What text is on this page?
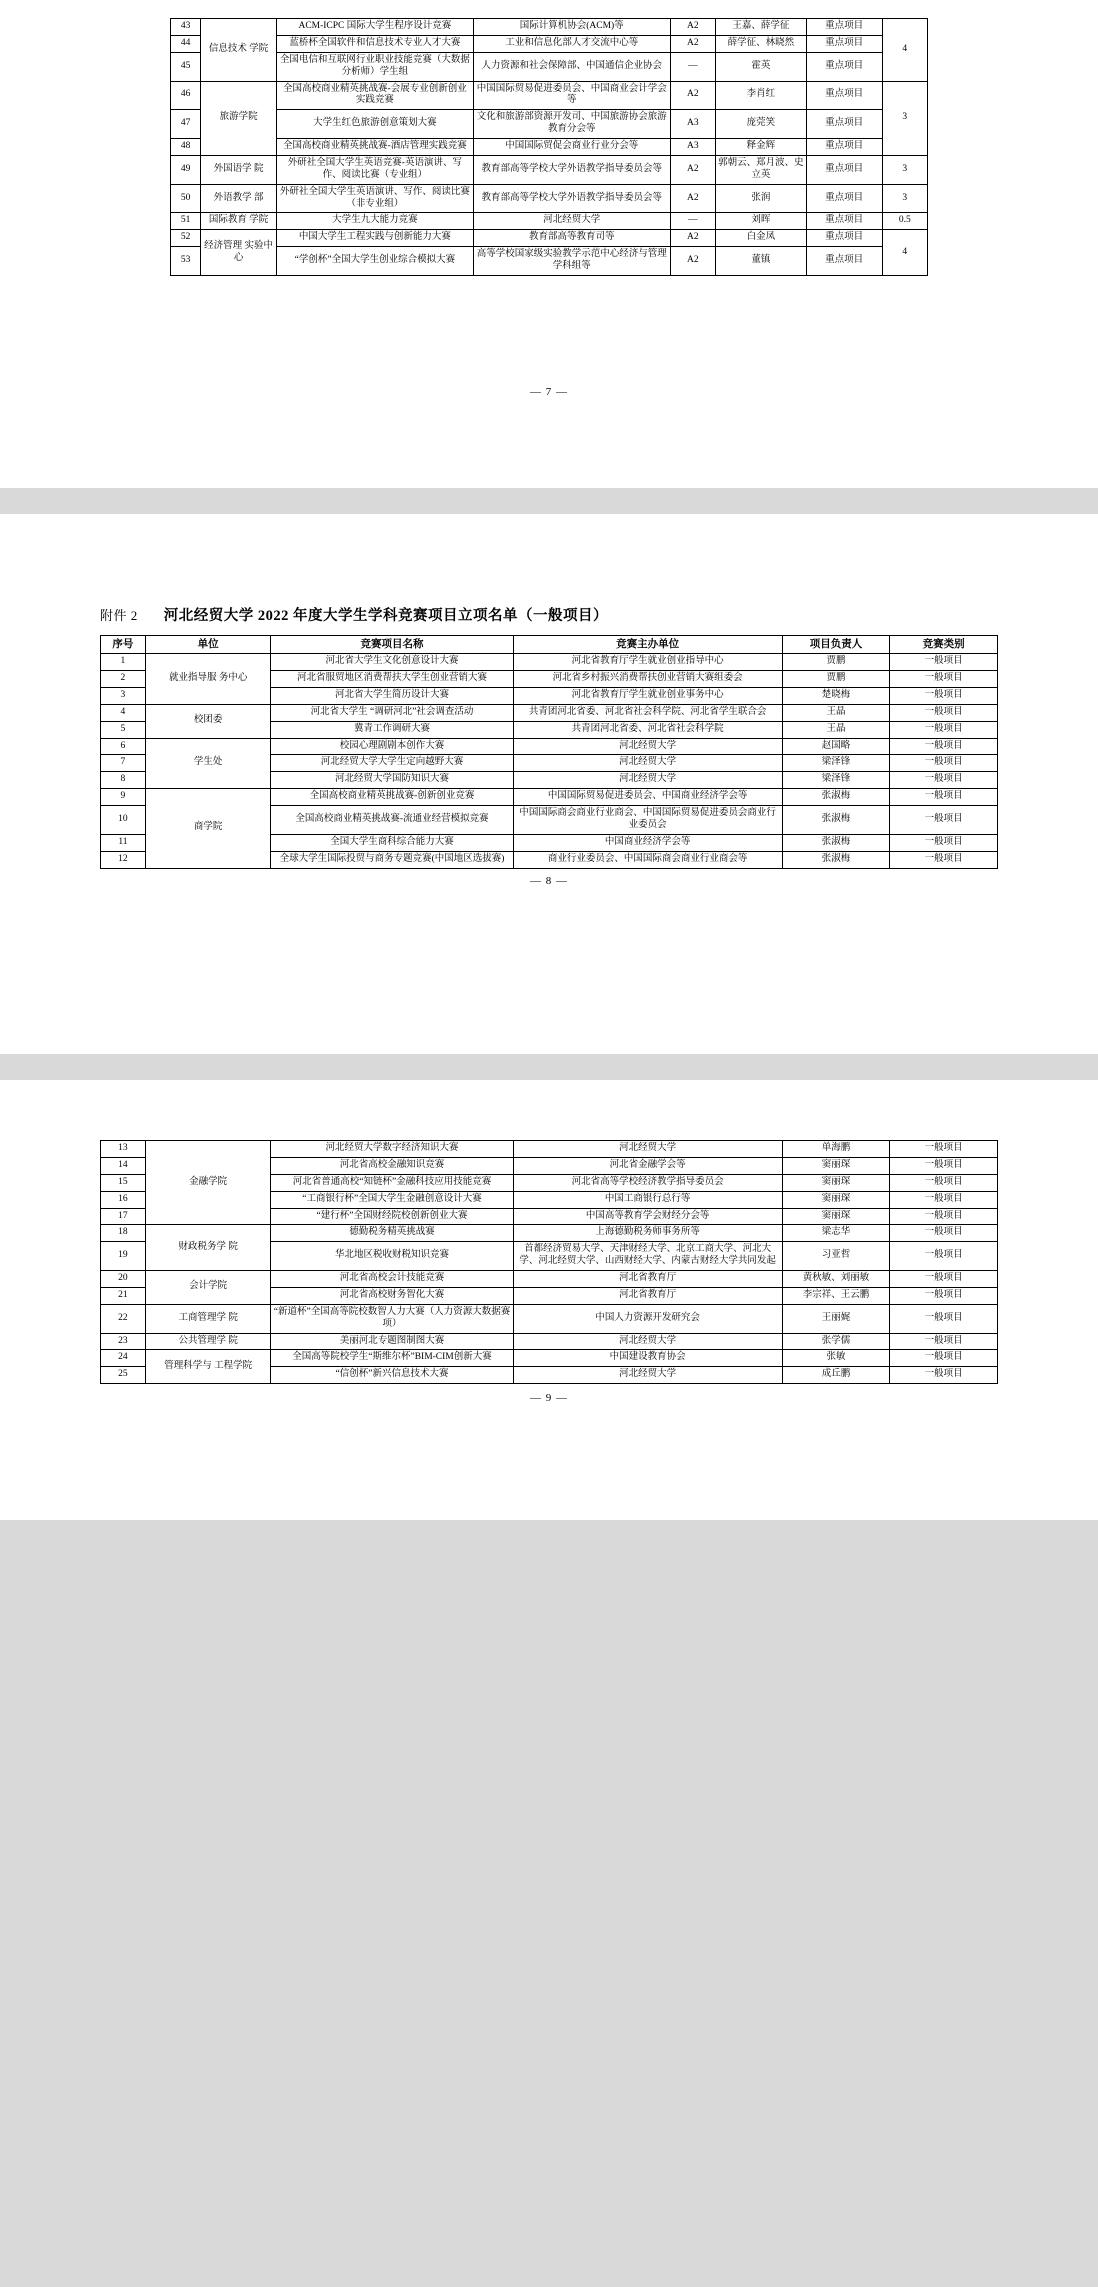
43	信息技术 学院	ACM-ICPC 国际大学生程序设计竞赛	国际计算机协会(ACM)等	A2	王嘉、薛学征	重点项目	4
44		蓝桥杯全国软件和信息技术专业人才大赛	工业和信息化部人才交流中心等	A2	薛学征、林晓然	重点项目	
45		全国电信和互联网行业职业技能竞赛（大数据分析师）学生组	人力资源和社会保障部、中国通信企业协会	—	霍英	重点项目	
46	旅游学院	全国高校商业精英挑战赛-会展专业创新创业实践竞赛	中国国际贸易促进委员会、中国商业会计学会等	A2	李肖红	重点项目	3
47		大学生红色旅游创意策划大赛	文化和旅游部资源开发司、中国旅游协会旅游教育分会等	A3	庞莞笑	重点项目	
48		全国高校商业精英挑战赛-酒店管理实践竞赛	中国国际贸促会商业行业分会等	A3	释金辉	重点项目	
49	外国语学 院	外研社全国大学生英语竞赛-英语演讲、写作、阅读比赛（专业组）	教育部高等学校大学外语教学指导委员会等	A2	郭朝云、郑月波、史立英	重点项目	3
50	外语教学 部	外研社全国大学生英语演讲、写作、阅读比赛（非专业组）	教育部高等学校大学外语教学指导委员会等	A2	张润	重点项目	3
51	国际教育 学院	大学生九大能力竞赛	河北经贸大学	—	刘晖	重点项目	0.5
52	经济管理 实验中心	中国大学生工程实践与创新能力大赛	教育部高等教育司等	A2	白金凤	重点项目	4
53		“学创杯”全国大学生创业综合模拟大赛	高等学校国家级实验教学示范中心经济与管理学科组等	A2	董镇	重点项目	
— 7 —
附件 2 河北经贸大学 2022 年度大学生学科竞赛项目立项名单（一般项目）
序号	单位	竞赛项目名称	竞赛主办单位	项目负责人	竞赛类别
1	就业指导服 务中心	河北省大学生文化创意设计大赛	河北省教育厅学生就业创业指导中心	贾鹏	一般项目
2		河北省服贸地区消费帮扶大学生创业营销大赛	河北省乡村振兴消费帮扶创业营销大赛组委会	贾鹏	一般项目
3		河北省大学生简历设计大赛	河北省教育厅学生就业创业事务中心	楚晓梅	一般项目
4	校团委	河北省大学生 “调研河北”社会调查活动	共青团河北省委、河北省社会科学院、河北省学生联合会	王晶	一般项目
5		冀青工作调研大赛	共青团河北省委、河北省社会科学院	王晶	一般项目
6	学生处	校园心理剧剧本创作大赛	河北经贸大学	赵国略	一般项目
7		河北经贸大学大学生定向越野大赛	河北经贸大学	梁泽锋	一般项目
8		河北经贸大学国防知识大赛	河北经贸大学	梁泽锋	一般项目
9	商学院	全国高校商业精英挑战赛-创新创业竞赛	中国国际贸易促进委员会、中国商业经济学会等	张淑梅	一般项目
10		全国高校商业精英挑战赛-流通业经营模拟竞赛	中国国际商会商业行业商会、中国国际贸易促进委员会商业行业委员会	张淑梅	一般项目
11		全国大学生商科综合能力大赛	中国商业经济学会等	张淑梅	一般项目
12		全球大学生国际投贸与商务专题竞赛(中国地区选拔赛)	商业行业委员会、中国国际商会商业行业商会等	张淑梅	一般项目
— 8 —
13	金融学院	河北经贸大学数字经济知识大赛	河北经贸大学	单海鹏	一般项目
14		河北省高校金融知识竞赛	河北省金融学会等	窦丽琛	一般项目
15		河北省普通高校“知链杯”金融科技应用技能竞赛	河北省高等学校经济教学指导委员会	窦丽琛	一般项目
16		“工商银行杯”全国大学生金融创意设计大赛	中国工商银行总行等	窦丽琛	一般项目
17		“建行杯”全国财经院校创新创业大赛	中国高等教育学会财经分会等	窦丽琛	一般项目
18	财政税务学 院	德勤税务精英挑战赛	上海德勤税务师事务所等	梁志华	一般项目
19		华北地区税收财税知识竞赛	首都经济贸易大学、天津财经大学、北京工商大学、河北大学、河北经贸大学、山西财经大学、内蒙古财经大学共同发起	习亚哲	一般项目
20	会计学院	河北省高校会计技能竞赛	河北省教育厅	黄秋敏、刘丽敏	一般项目
21		河北省高校财务智化大赛	河北省教育厅	李宗祥、王云鹏	一般项目
22	工商管理学 院	“新道杯”全国高等院校数智人力大赛（人力资源大数据赛项）	中国人力资源开发研究会	王丽娓	一般项目
23	公共管理学 院	美丽河北专题图制图大赛	河北经贸大学	张学儒	一般项目
24	管理科学与 工程学院	全国高等院校学生“斯维尔杯”BIM-CIM创新大赛	中国建设教育协会	张敏	一般项目
25		“信创杯”新兴信息技术大赛	河北经贸大学	成丘鹏	一般项目
— 9 —
